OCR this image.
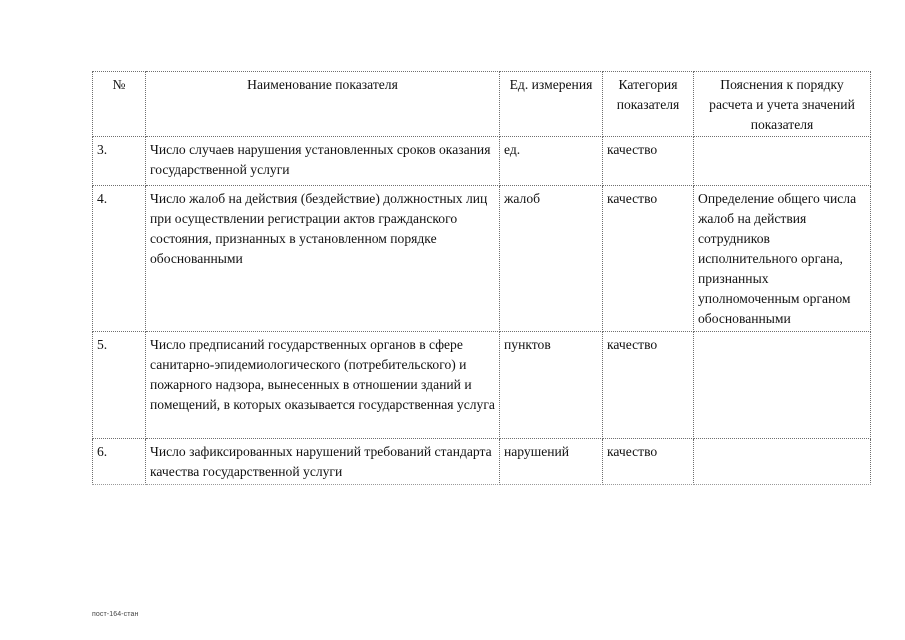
№	Наименование показателя	Ед. измерения	Категория показателя	Пояснения к порядку расчета и учета значений показателя
3.	Число случаев нарушения установленных сроков оказания государственной услуги	ед.	качество	
4.	Число жалоб на действия (бездействие) должностных лиц при осуществлении регистрации актов гражданского состояния, признанных в установленном порядке обоснованными	жалоб	качество	Определение общего числа жалоб на действия сотрудников исполнительного органа, признанных уполномоченным органом обоснованными
5.	Число предписаний государственных органов в сфере санитарно-эпидемиологического (потребительского) и пожарного надзора, вынесенных в отношении зданий и помещений, в которых оказывается государственная услуга	пунктов	качество	
6.	Число зафиксированных нарушений требований стандарта качества государственной услуги	нарушений	качество	
пост-164-стан
